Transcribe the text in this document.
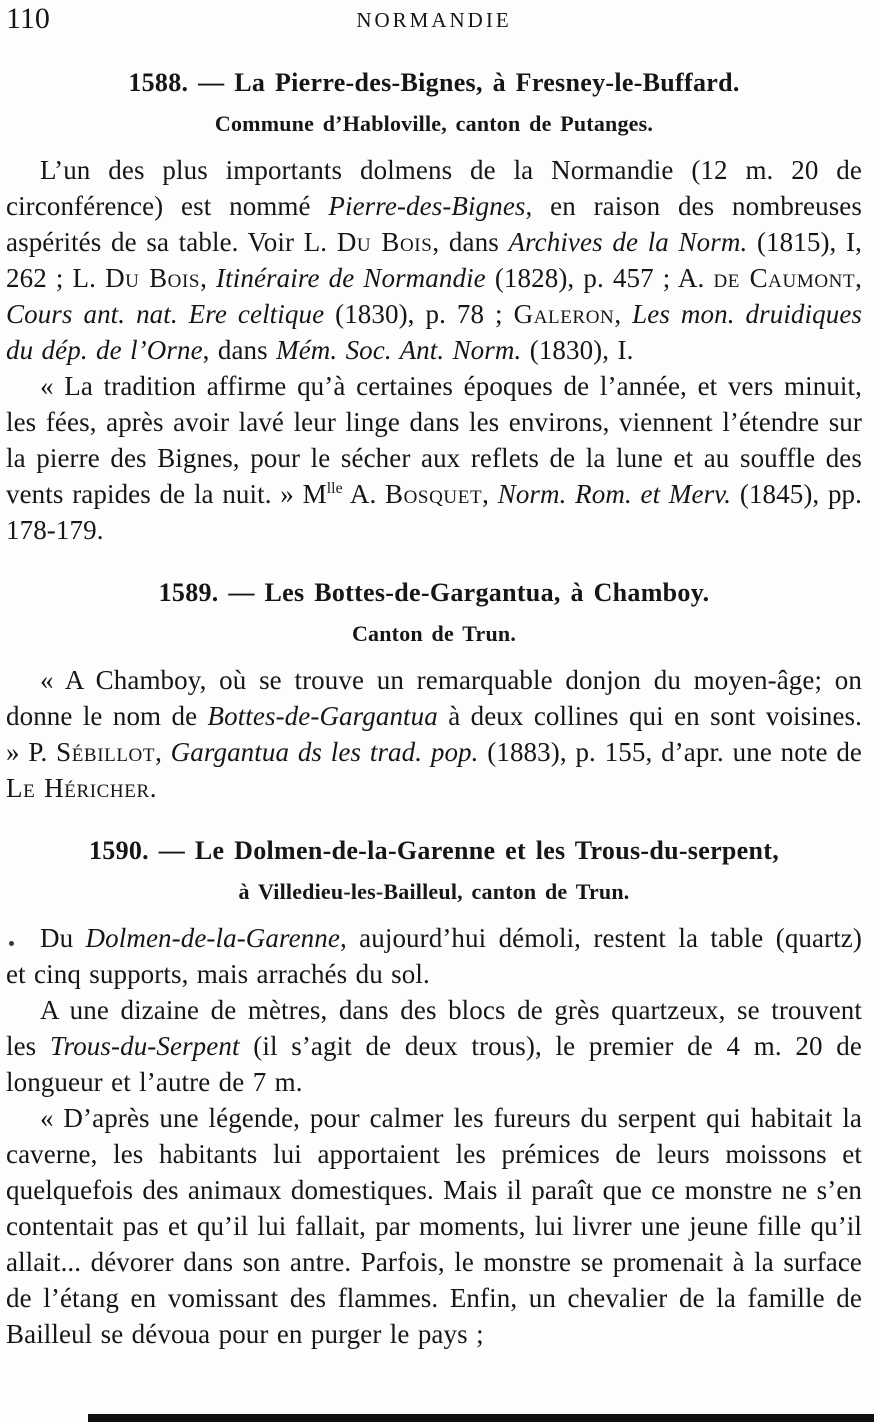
110	NORMANDIE
1588. — La Pierre-des-Bignes, à Fresney-le-Buffard.
Commune d’Habloville, canton de Putanges.

L’un des plus importants dolmens de la Normandie (12 m. 20 de circonférence) est nommé Pierre-des-Bignes, en raison des nombreuses aspérités de sa table. Voir L. Du Bois, dans Archives de la Norm. (1815), I, 262 ; L. Du Bois, Itinéraire de Normandie (1828), p. 457 ; A. de Caumont, Cours ant. nat. Ere celtique (1830), p. 78 ; Galeron, Les mon. druidiques du dép. de l’Orne, dans Mém. Soc. Ant. Norm. (1830), I.

« La tradition affirme qu’à certaines époques de l’année, et vers minuit, les fées, après avoir lavé leur linge dans les environs, viennent l’étendre sur la pierre des Bignes, pour le sécher aux reflets de la lune et au souffle des vents rapides de la nuit. » $M^{lle}$ A. Bosquet, Norm. Rom. et Merv. (1845), pp. 178-179.

1589. — Les Bottes-de-Gargantua, à Chamboy.
Canton de Trun.

« A Chamboy, où se trouve un remarquable donjon du moyen-âge; on donne le nom de Bottes-de-Gargantua à deux collines qui en sont voisines. » P. Sébillot, Gargantua ds les trad. pop. (1883), p. 155, d’apr. une note de Le Héricher.

1590. — Le Dolmen-de-la-Garenne et les Trous-du-serpent,
à Villedieu-les-Bailleul, canton de Trun.

Du Dolmen-de-la-Garenne, aujourd’hui démoli, restent la table (quartz) et cinq supports, mais arrachés du sol.

A une dizaine de mètres, dans des blocs de grès quartzeux, se trouvent les Trous-du-Serpent (il s’agit de deux trous), le premier de 4 m. 20 de longueur et l’autre de 7 m.

« D’après une légende, pour calmer les fureurs du serpent qui habitait la caverne, les habitants lui apportaient les prémices de leurs moissons et quelquefois des animaux domestiques. Mais il paraît que ce monstre ne s’en contentait pas et qu’il lui fallait, par moments, lui livrer une jeune fille qu’il allait... dévorer dans son antre. Parfois, le monstre se promenait à la surface de l’étang en vomissant des flammes. Enfin, un chevalier de la famille de Bailleul se dévoua pour en purger le pays ;
